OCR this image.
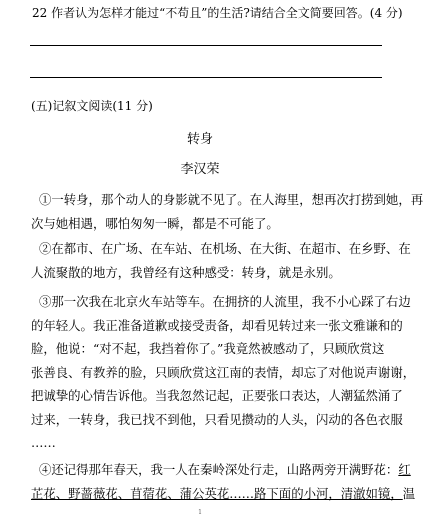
22 作者认为怎样才能过“不苟且”的生活?请结合全文简要回答。(4 分)
(五)记叙文阅读(11 分)
转身
李汉荣
①一转身，那个动人的身影就不见了。在人海里，想再次打捞到她，再
次与她相遇，哪怕匆匆一瞬，都是不可能了。
②在都市、在广场、在车站、在机场、在大街、在超市、在乡野、在
人流聚散的地方，我曾经有这种感受：转身，就是永别。
③那一次我在北京火车站等车。在拥挤的人流里，我不小心踩了右边
的年轻人。我正准备道歉或接受责备，却看见转过来一张文雅谦和的
脸，他说：“对不起，我挡着你了。”我竟然被感动了，只顾欣赏这
张善良、有教养的脸，只顾欣赏这江南的表情，却忘了对他说声谢谢，
把诚挚的心情告诉他。当我忽然记起，正要张口表达，人潮猛然涌了
过来，一转身，我已找不到他，只看见攒动的人头，闪动的各色衣服
……
④还记得那年春天，我一人在秦岭深处行走，山路两旁开满野花：红
芷花、野蔷薇花、苜蓿花、蒲公英花……路下面的小河，清澈如镜，温
1
